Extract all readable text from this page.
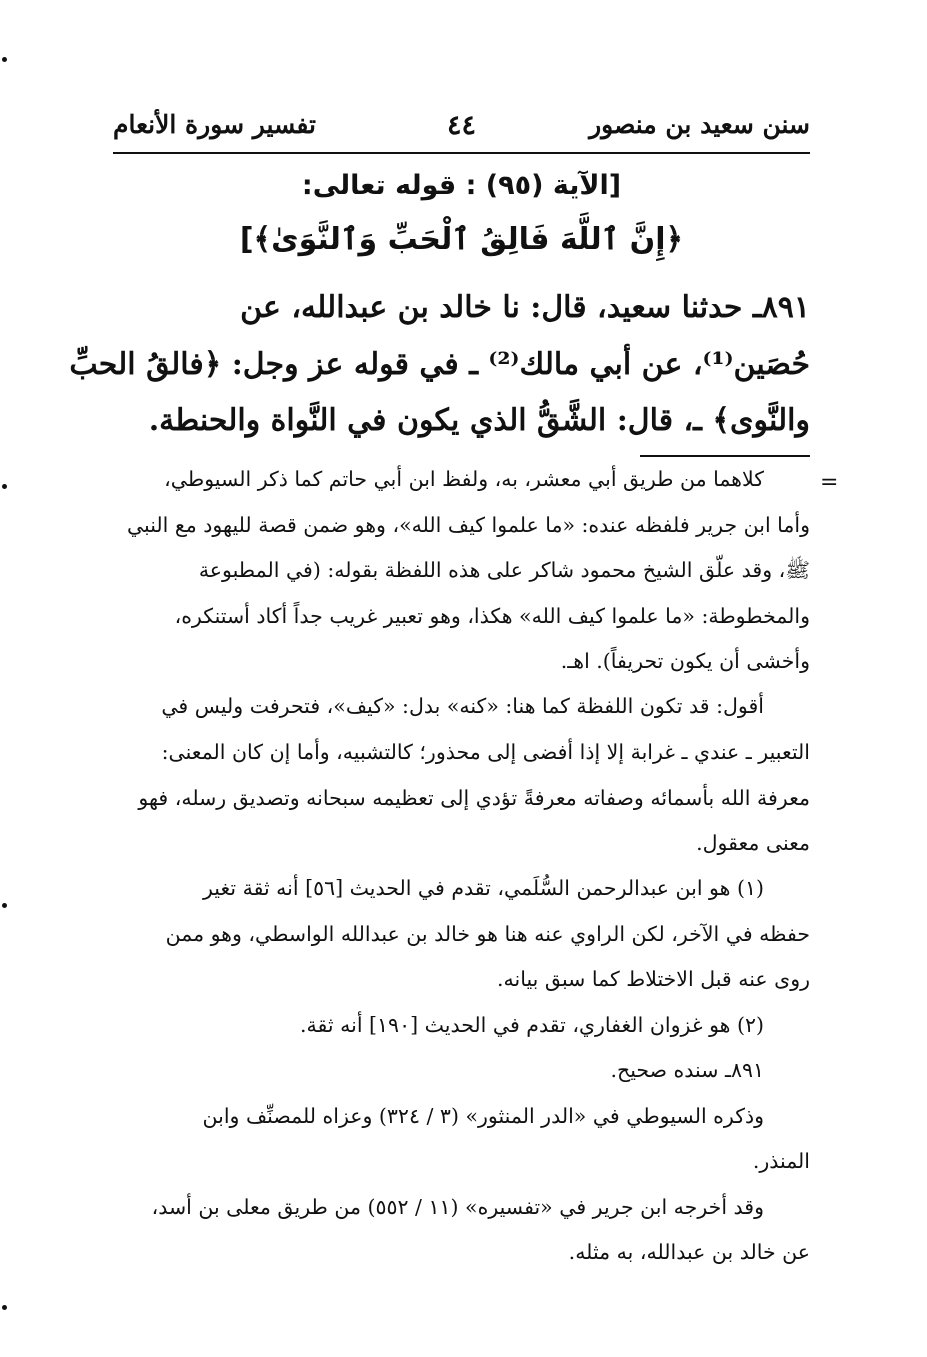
سنن سعيد بن منصور
٤٤
تفسير سورة الأنعام
[الآية (٩٥) : قوله تعالى:
﴿إِنَّ ٱللَّهَ فَالِقُ ٱلْحَبِّ وَٱلنَّوَىٰ﴾]
٨٩١ـ حدثنا سعيد، قال: نا خالد بن عبدالله، عن
حُصَين⁽¹⁾، عن أبي مالك⁽²⁾ ـ في قوله عز وجل: ﴿فالقُ الحبِّ
والنَّوى﴾ ـ، قال: الشَّقُّ الذي يكون في النَّواة والحنطة.
=
كلاهما من طريق أبي معشر، به، ولفظ ابن أبي حاتم كما ذكر السيوطي،
وأما ابن جرير فلفظه عنده: «ما علموا كيف الله»، وهو ضمن قصة لليهود مع النبي
ﷺ، وقد علّق الشيخ محمود شاكر على هذه اللفظة بقوله: (في المطبوعة
والمخطوطة: «ما علموا كيف الله» هكذا، وهو تعبير غريب جداً أكاد أستنكره،
وأخشى أن يكون تحريفاً). اهـ.
أقول: قد تكون اللفظة كما هنا: «كنه» بدل: «كيف»، فتحرفت وليس في
التعبير ـ عندي ـ غرابة إلا إذا أفضى إلى محذور؛ كالتشبيه، وأما إن كان المعنى:
معرفة الله بأسمائه وصفاته معرفةً تؤدي إلى تعظيمه سبحانه وتصديق رسله، فهو
معنى معقول.
(١) هو ابن عبدالرحمن السُّلَمي، تقدم في الحديث [٥٦] أنه ثقة تغير
حفظه في الآخر، لكن الراوي عنه هنا هو خالد بن عبدالله الواسطي، وهو ممن
روى عنه قبل الاختلاط كما سبق بيانه.
(٢) هو غزوان الغفاري، تقدم في الحديث [١٩٠] أنه ثقة.
٨٩١ـ سنده صحيح.
وذكره السيوطي في «الدر المنثور» (٣ / ٣٢٤) وعزاه للمصنِّف وابن
المنذر.
وقد أخرجه ابن جرير في «تفسيره» (١١ / ٥٥٢) من طريق معلى بن أسد،
عن خالد بن عبدالله، به مثله.
